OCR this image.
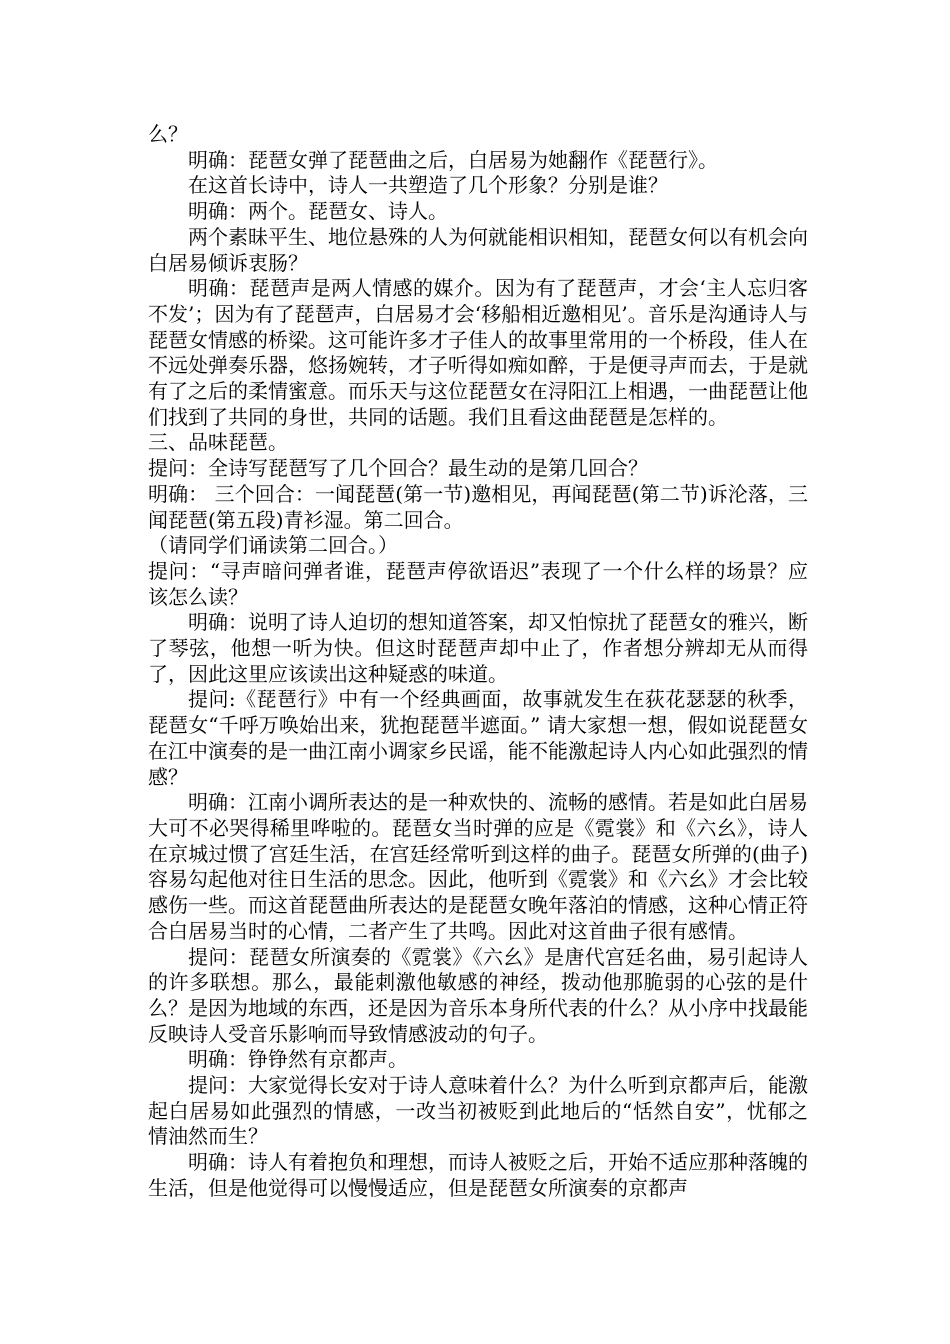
么？

明确：琵琶女弹了琵琶曲之后，白居易为她翻作《琵琶行》。

在这首长诗中，诗人一共塑造了几个形象？分别是谁？

明确：两个。琵琶女、诗人。

两个素昧平生、地位悬殊的人为何就能相识相知，琵琶女何以有机会向白居易倾诉衷肠？

明确：琵琶声是两人情感的媒介。因为有了琵琶声，才会‘主人忘归客不发’；因为有了琵琶声，白居易才会‘移船相近邀相见’。音乐是沟通诗人与琵琶女情感的桥梁。这可能许多才子佳人的故事里常用的一个桥段，佳人在不远处弹奏乐器，悠扬婉转，才子听得如痴如醉，于是便寻声而去，于是就有了之后的柔情蜜意。而乐天与这位琵琶女在浔阳江上相遇，一曲琵琶让他们找到了共同的身世，共同的话题。我们且看这曲琵琶是怎样的。

三、品味琵琶。

提问：全诗写琵琶写了几个回合？最生动的是第几回合？

明确： 三个回合：一闻琵琶(第一节)邀相见，再闻琵琶(第二节)诉沦落，三闻琵琶(第五段)青衫湿。第二回合。

（请同学们诵读第二回合。）

提问：“寻声暗问弹者谁，琵琶声停欲语迟”表现了一个什么样的场景？应该怎么读？

明确：说明了诗人迫切的想知道答案，却又怕惊扰了琵琶女的雅兴，断了琴弦，他想一听为快。但这时琵琶声却中止了，作者想分辨却无从而得了，因此这里应该读出这种疑惑的味道。

提问:《琵琶行》中有一个经典画面，故事就发生在荻花瑟瑟的秋季，琵琶女“千呼万唤始出来，犹抱琵琶半遮面。” 请大家想一想，假如说琵琶女在江中演奏的是一曲江南小调家乡民谣，能不能激起诗人内心如此强烈的情感？

明确：江南小调所表达的是一种欢快的、流畅的感情。若是如此白居易大可不必哭得稀里哗啦的。琵琶女当时弹的应是《霓裳》和《六幺》，诗人在京城过惯了宫廷生活，在宫廷经常听到这样的曲子。琵琶女所弹的(曲子)容易勾起他对往日生活的思念。因此，他听到《霓裳》和《六幺》才会比较感伤一些。而这首琵琶曲所表达的是琵琶女晚年落泊的情感，这种心情正符合白居易当时的心情，二者产生了共鸣。因此对这首曲子很有感情。

提问：琵琶女所演奏的《霓裳》《六幺》是唐代宫廷名曲，易引起诗人的许多联想。那么，最能刺激他敏感的神经，拨动他那脆弱的心弦的是什么？是因为地域的东西，还是因为音乐本身所代表的什么？从小序中找最能反映诗人受音乐影响而导致情感波动的句子。

明确：铮铮然有京都声。

提问：大家觉得长安对于诗人意味着什么？为什么听到京都声后，能激起白居易如此强烈的情感，一改当初被贬到此地后的“恬然自安”，忧郁之情油然而生？

明确：诗人有着抱负和理想，而诗人被贬之后，开始不适应那种落魄的生活，但是他觉得可以慢慢适应，但是琵琶女所演奏的京都声
